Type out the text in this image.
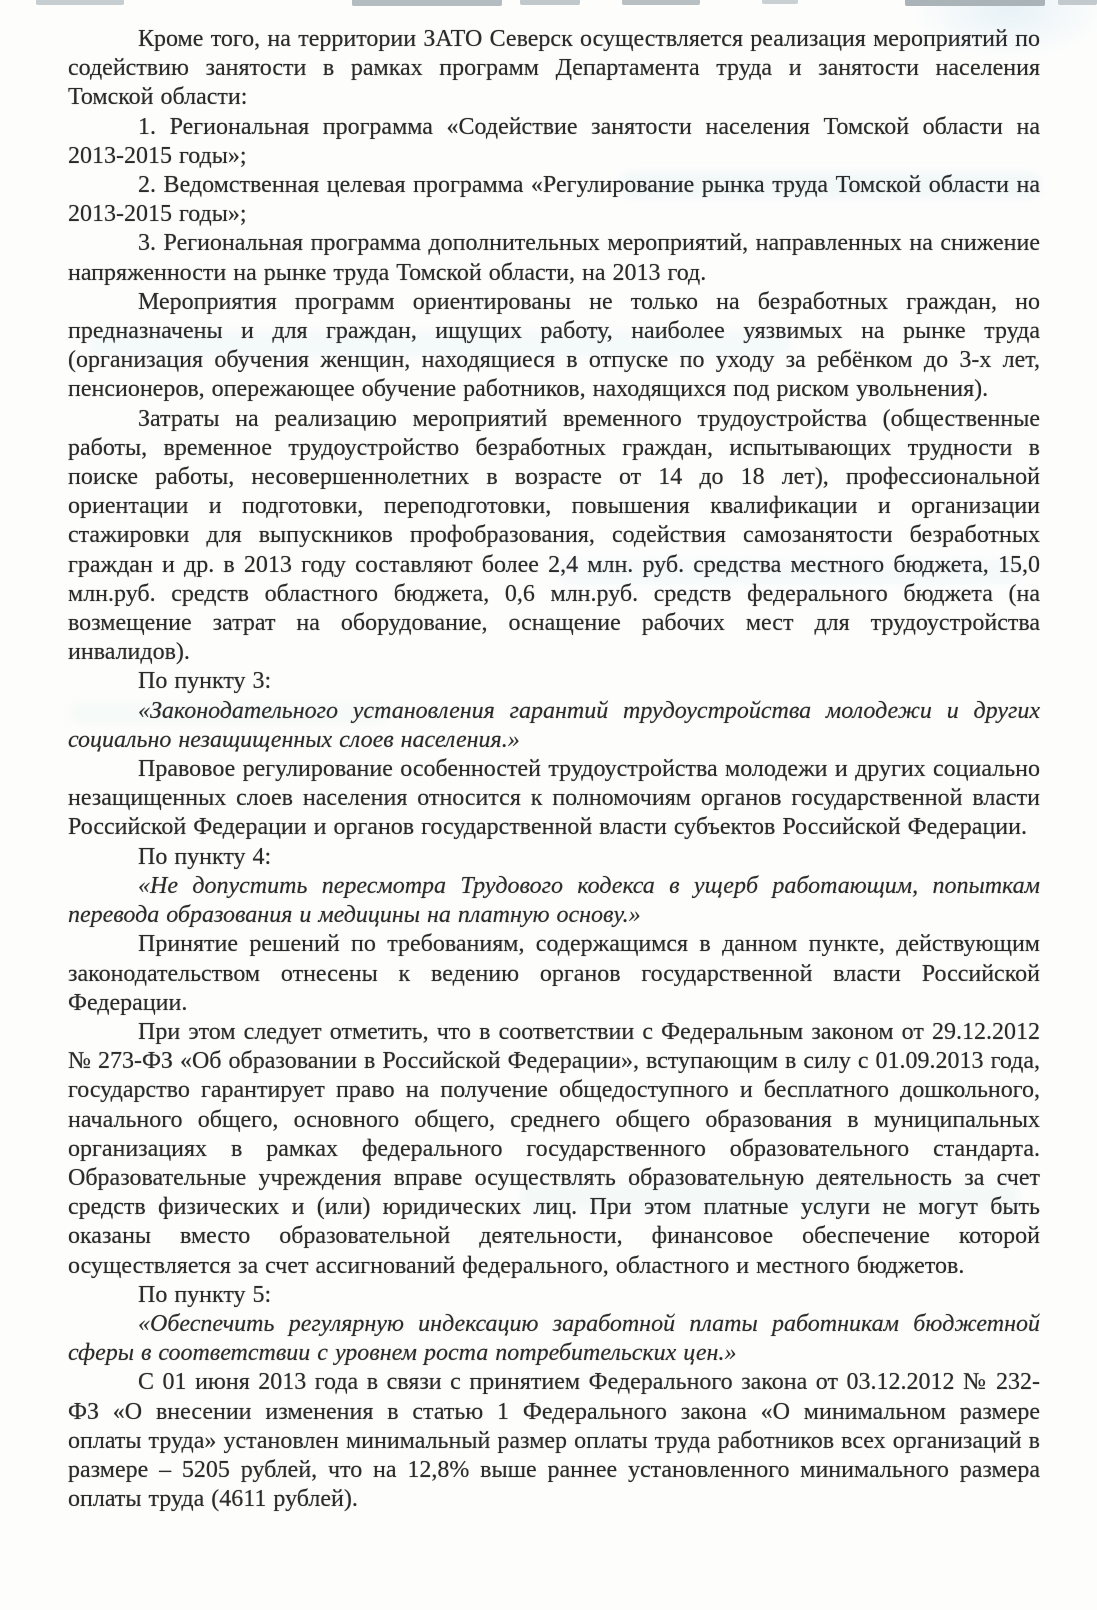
Кроме того, на территории ЗАТО Северск осуществляется реализация мероприятий по содействию занятости в рамках программ Департамента труда и занятости населения Томской области:

1. Региональная программа «Содействие занятости населения Томской области на 2013-2015 годы»;

2. Ведомственная целевая программа «Регулирование рынка труда Томской области на 2013-2015 годы»;

3. Региональная программа дополнительных мероприятий, направленных на снижение напряженности на рынке труда Томской области, на 2013 год.

Мероприятия программ ориентированы не только на безработных граждан, но предназначены и для граждан, ищущих работу, наиболее уязвимых на рынке труда (организация обучения женщин, находящиеся в отпуске по уходу за ребёнком до 3-х лет, пенсионеров, опережающее обучение работников, находящихся под риском увольнения).

Затраты на реализацию мероприятий временного трудоустройства (общественные работы, временное трудоустройство безработных граждан, испытывающих трудности в поиске работы, несовершеннолетних в возрасте от 14 до 18 лет), профессиональной ориентации и подготовки, переподготовки, повышения квалификации и организации стажировки для выпускников профобразования, содействия самозанятости безработных граждан и др. в 2013 году составляют более 2,4 млн. руб. средства местного бюджета, 15,0 млн.руб. средств областного бюджета, 0,6 млн.руб. средств федерального бюджета (на возмещение затрат на оборудование, оснащение рабочих мест для трудоустройства инвалидов).

По пункту 3:

«Законодательного установления гарантий трудоустройства молодежи и других социально незащищенных слоев населения.»

Правовое регулирование особенностей трудоустройства молодежи и других социально незащищенных слоев населения относится к полномочиям органов государственной власти Российской Федерации и органов государственной власти субъектов Российской Федерации.

По пункту 4:

«Не допустить пересмотра Трудового кодекса в ущерб работающим, попыткам перевода образования и медицины на платную основу.»

Принятие решений по требованиям, содержащимся в данном пункте, действующим законодательством отнесены к ведению органов государственной власти Российской Федерации.

При этом следует отметить, что в соответствии с Федеральным законом от 29.12.2012 № 273-ФЗ «Об образовании в Российской Федерации», вступающим в силу с 01.09.2013 года, государство гарантирует право на получение общедоступного и бесплатного дошкольного, начального общего, основного общего, среднего общего образования в муниципальных организациях в рамках федерального государственного образовательного стандарта. Образовательные учреждения вправе осуществлять образовательную деятельность за счет средств физических и (или) юридических лиц. При этом платные услуги не могут быть оказаны вместо образовательной деятельности, финансовое обеспечение которой осуществляется за счет ассигнований федерального, областного и местного бюджетов.

По пункту 5:

«Обеспечить регулярную индексацию заработной платы работникам бюджетной сферы в соответствии с уровнем роста потребительских цен.»

С 01 июня 2013 года в связи с принятием Федерального закона от 03.12.2012 № 232-ФЗ «О внесении изменения в статью 1 Федерального закона «О минимальном размере оплаты труда» установлен минимальный размер оплаты труда работников всех организаций в размере – 5205 рублей, что на 12,8% выше раннее установленного минимального размера оплаты труда (4611 рублей).
